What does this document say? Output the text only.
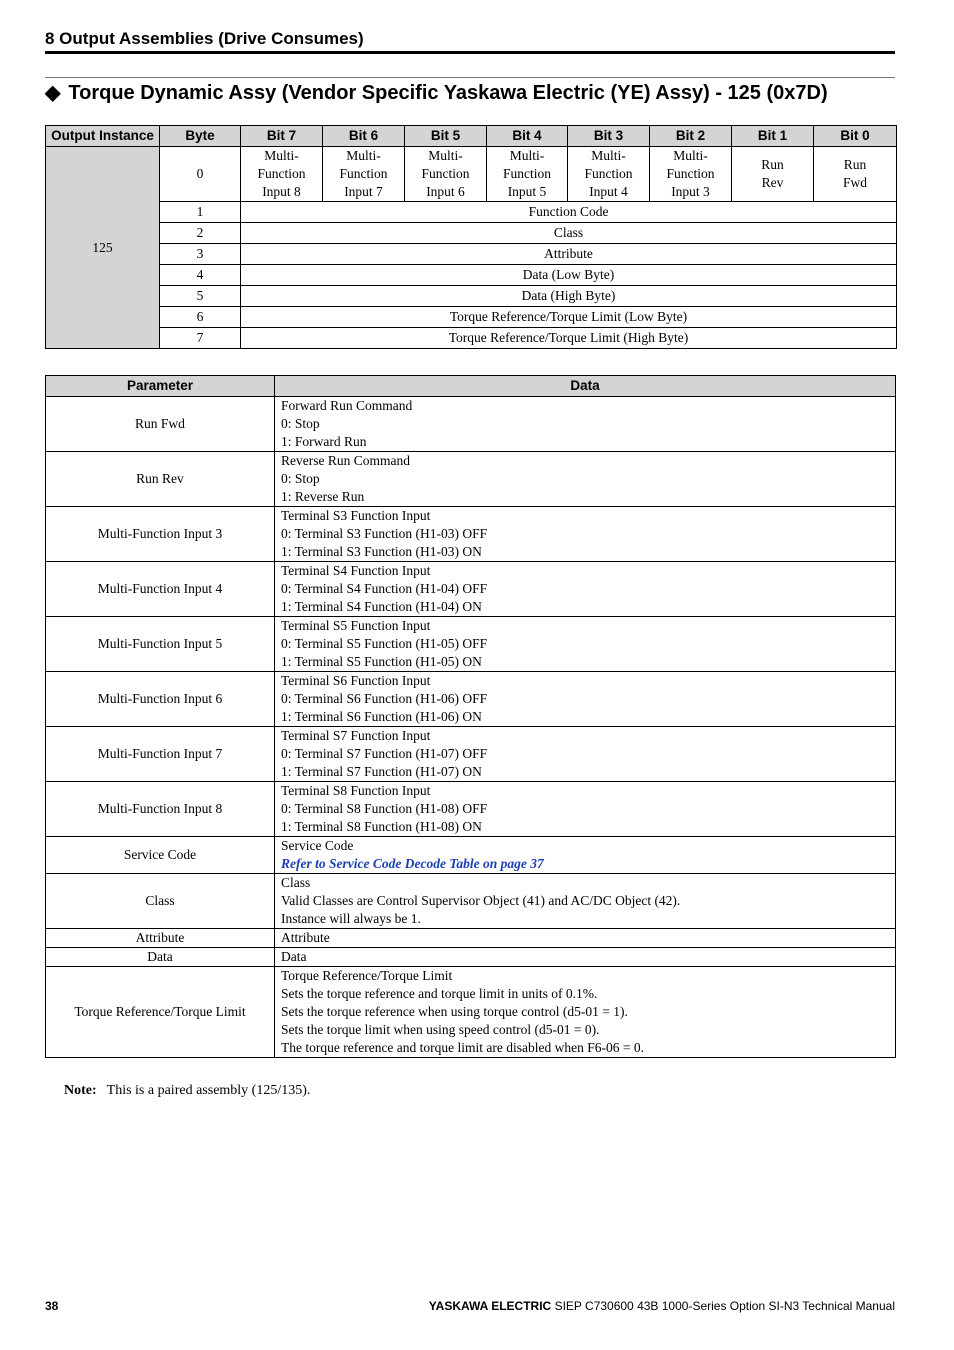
8 Output Assemblies (Drive Consumes)
◆ Torque Dynamic Assy (Vendor Specific Yaskawa Electric (YE) Assy) - 125 (0x7D)
Output Instance	Byte	Bit 7	Bit 6	Bit 5	Bit 4	Bit 3	Bit 2	Bit 1	Bit 0
125	0	Multi-
Function
Input 8	Multi-
Function
Input 7	Multi-
Function
Input 6	Multi-
Function
Input 5	Multi-
Function
Input 4	Multi-
Function
Input 3	Run
Rev	Run
Fwd

	1	Function Code							
	2	Class							
	3	Attribute							
	4	Data (Low Byte)							
	5	Data (High Byte)							
	6	Torque Reference/Torque Limit (Low Byte)							
	7	Torque Reference/Torque Limit (High Byte)							
Parameter	Data
Run Fwd	Forward Run Command
0: Stop
1: Forward Run

Run Rev	Reverse Run Command
0: Stop
1: Reverse Run

Multi-Function Input 3	Terminal S3 Function Input
0: Terminal S3 Function (H1-03) OFF
1: Terminal S3 Function (H1-03) ON

Multi-Function Input 4	Terminal S4 Function Input
0: Terminal S4 Function (H1-04) OFF
1: Terminal S4 Function (H1-04) ON

Multi-Function Input 5	Terminal S5 Function Input
0: Terminal S5 Function (H1-05) OFF
1: Terminal S5 Function (H1-05) ON

Multi-Function Input 6	Terminal S6 Function Input
0: Terminal S6 Function (H1-06) OFF
1: Terminal S6 Function (H1-06) ON

Multi-Function Input 7	Terminal S7 Function Input
0: Terminal S7 Function (H1-07) OFF
1: Terminal S7 Function (H1-07) ON

Multi-Function Input 8	Terminal S8 Function Input
0: Terminal S8 Function (H1-08) OFF
1: Terminal S8 Function (H1-08) ON

Service Code	Service Code
Refer to Service Code Decode Table on page 37

Class	Class
Valid Classes are Control Supervisor Object (41) and AC/DC Object (42).
Instance will always be 1.

Attribute	Attribute

Data	Data

Torque Reference/Torque Limit	Torque Reference/Torque Limit
Sets the torque reference and torque limit in units of 0.1%.
Sets the torque reference when using torque control (d5-01 = 1).
Sets the torque limit when using speed control (d5-01 = 0).
The torque reference and torque limit are disabled when F6-06 = 0.
Note: This is a paired assembly (125/135).
38	YASKAWA ELECTRIC SIEP C730600 43B 1000-Series Option SI-N3 Technical Manual
